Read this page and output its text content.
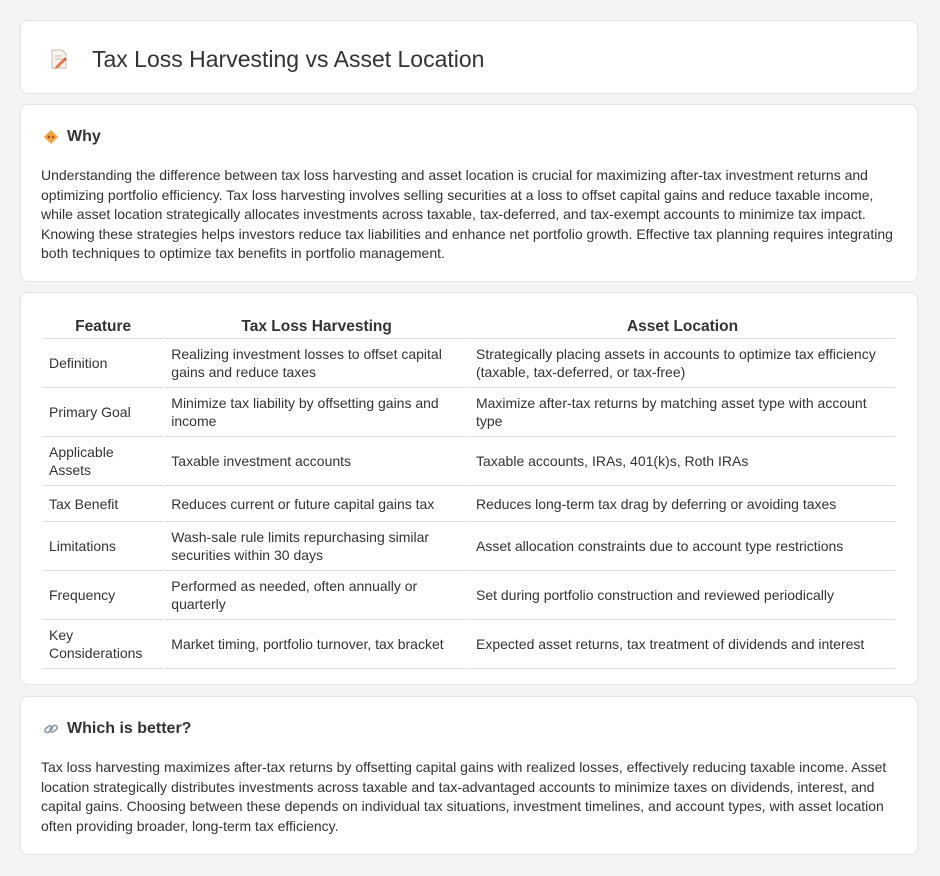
Tax Loss Harvesting vs Asset Location
Why

Understanding the difference between tax loss harvesting and asset location is crucial for maximizing after-tax investment returns and optimizing portfolio efficiency. Tax loss harvesting involves selling securities at a loss to offset capital gains and reduce taxable income, while asset location strategically allocates investments across taxable, tax-deferred, and tax-exempt accounts to minimize tax impact. Knowing these strategies helps investors reduce tax liabilities and enhance net portfolio growth. Effective tax planning requires integrating both techniques to optimize tax benefits in portfolio management.

Feature	Tax Loss Harvesting	Asset Location
Definition	Realizing investment losses to offset capital gains and reduce taxes	Strategically placing assets in accounts to optimize tax efficiency (taxable, tax-deferred, or tax-free)
Primary Goal	Minimize tax liability by offsetting gains and income	Maximize after-tax returns by matching asset type with account type
Applicable Assets	Taxable investment accounts	Taxable accounts, IRAs, 401(k)s, Roth IRAs
Tax Benefit	Reduces current or future capital gains tax	Reduces long-term tax drag by deferring or avoiding taxes
Limitations	Wash-sale rule limits repurchasing similar securities within 30 days	Asset allocation constraints due to account type restrictions
Frequency	Performed as needed, often annually or quarterly	Set during portfolio construction and reviewed periodically
Key Considerations	Market timing, portfolio turnover, tax bracket	Expected asset returns, tax treatment of dividends and interest
Which is better?

Tax loss harvesting maximizes after-tax returns by offsetting capital gains with realized losses, effectively reducing taxable income. Asset location strategically distributes investments across taxable and tax-advantaged accounts to minimize taxes on dividends, interest, and capital gains. Choosing between these depends on individual tax situations, investment timelines, and account types, with asset location often providing broader, long-term tax efficiency.
